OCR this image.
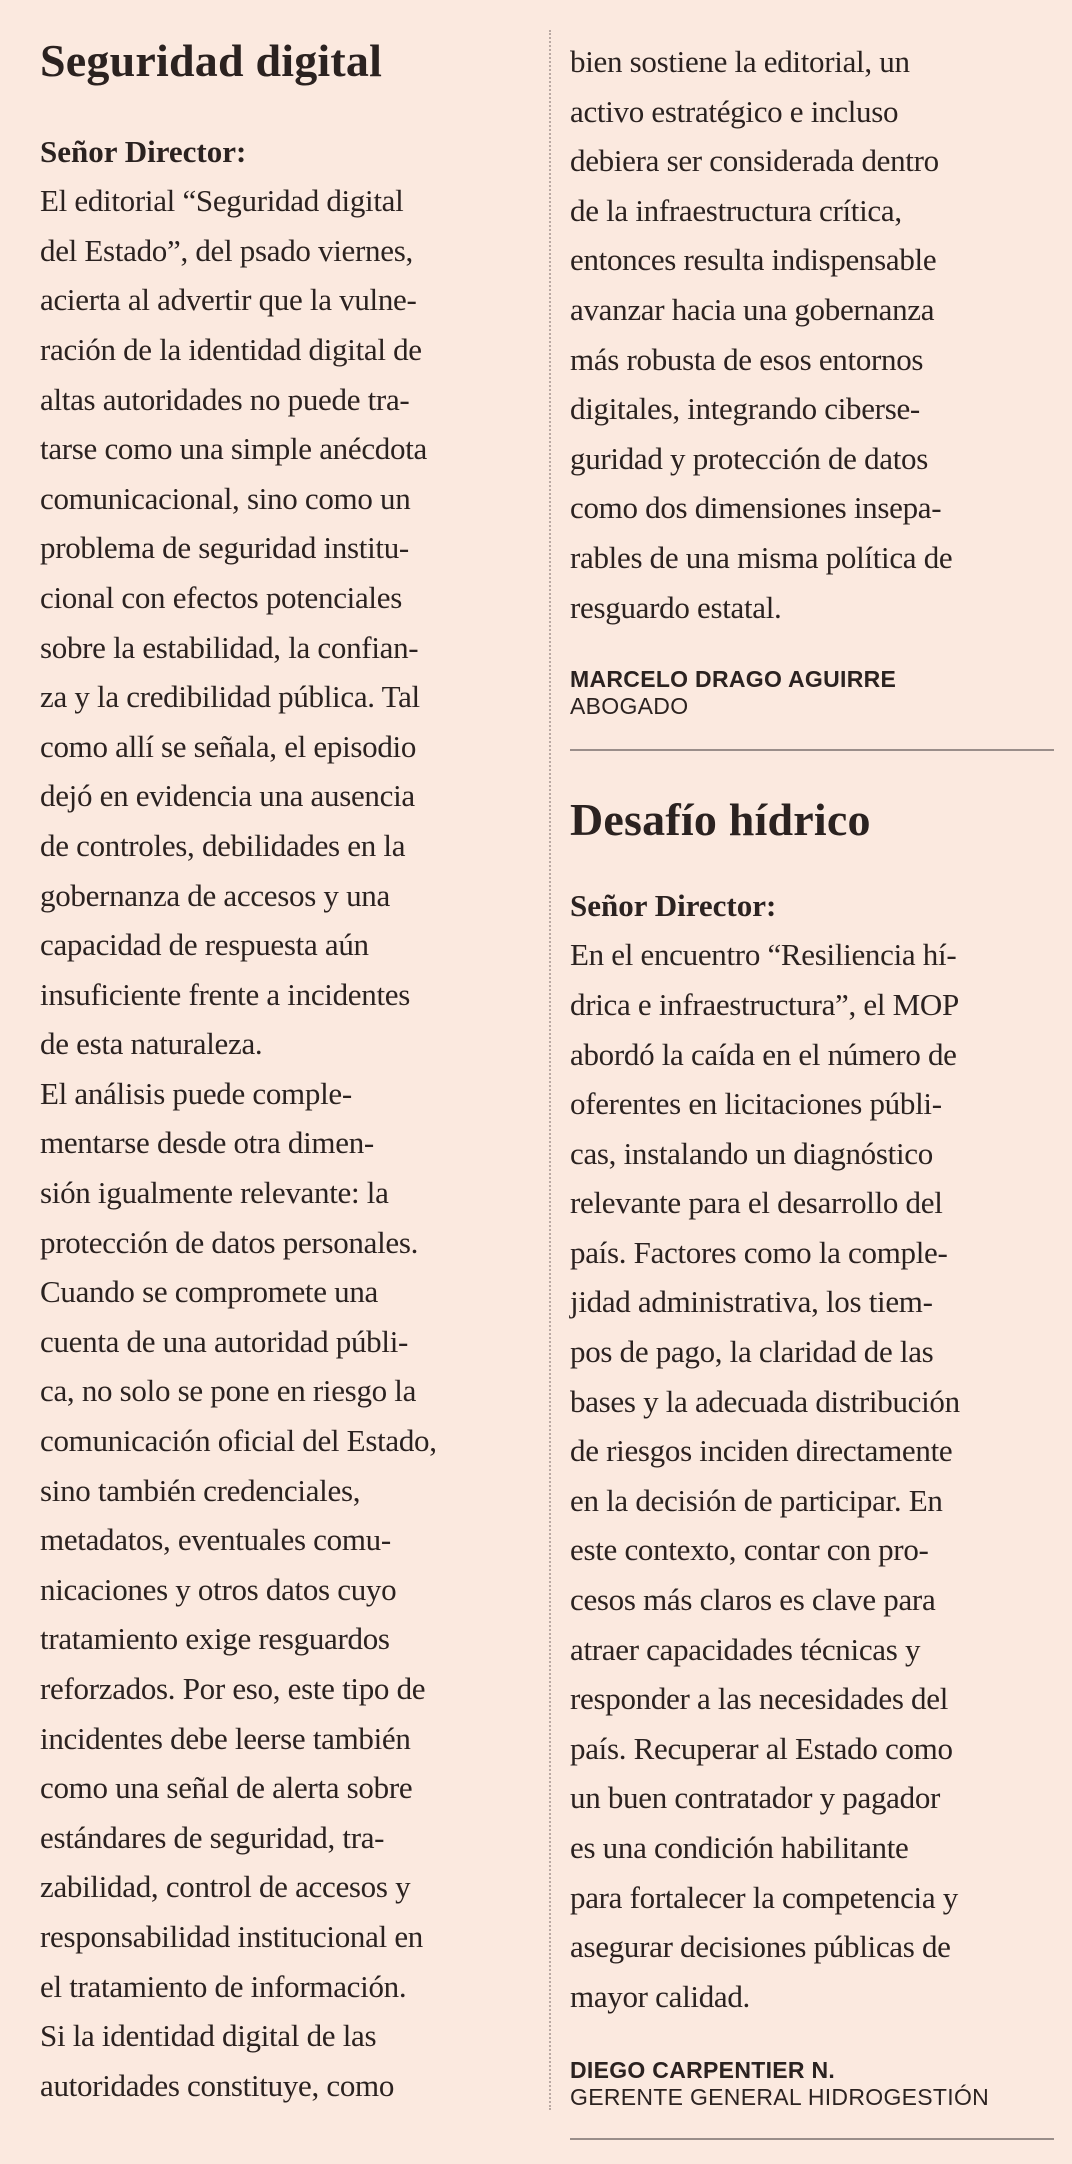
Seguridad digital

Señor Director:

El editorial “Seguridad digital
del Estado”, del psado viernes,
acierta al advertir que la vulne-
ración de la identidad digital de
altas autoridades no puede tra-
tarse como una simple anécdota
comunicacional, sino como un
problema de seguridad institu-
cional con efectos potenciales
sobre la estabilidad, la confian-
za y la credibilidad pública. Tal
como allí se señala, el episodio
dejó en evidencia una ausencia
de controles, debilidades en la
gobernanza de accesos y una
capacidad de respuesta aún
insuficiente frente a incidentes
de esta naturaleza.

El análisis puede comple-
mentarse desde otra dimen-
sión igualmente relevante: la
protección de datos personales.
Cuando se compromete una
cuenta de una autoridad públi-
ca, no solo se pone en riesgo la
comunicación oficial del Estado,
sino también credenciales,
metadatos, eventuales comu-
nicaciones y otros datos cuyo
tratamiento exige resguardos
reforzados. Por eso, este tipo de
incidentes debe leerse también
como una señal de alerta sobre
estándares de seguridad, tra-
zabilidad, control de accesos y
responsabilidad institucional en
el tratamiento de información.

Si la identidad digital de las
autoridades constituye, como

bien sostiene la editorial, un
activo estratégico e incluso
debiera ser considerada dentro
de la infraestructura crítica,
entonces resulta indispensable
avanzar hacia una gobernanza
más robusta de esos entornos
digitales, integrando ciberse-
guridad y protección de datos
como dos dimensiones insepa-
rables de una misma política de
resguardo estatal.

MARCELO DRAGO AGUIRRE

ABOGADO

Desafío hídrico

Señor Director:

En el encuentro “Resiliencia hí-
drica e infraestructura”, el MOP
abordó la caída en el número de
oferentes en licitaciones públi-
cas, instalando un diagnóstico
relevante para el desarrollo del
país. Factores como la comple-
jidad administrativa, los tiem-
pos de pago, la claridad de las
bases y la adecuada distribución
de riesgos inciden directamente
en la decisión de participar. En
este contexto, contar con pro-
cesos más claros es clave para
atraer capacidades técnicas y
responder a las necesidades del
país. Recuperar al Estado como
un buen contratador y pagador
es una condición habilitante
para fortalecer la competencia y
asegurar decisiones públicas de
mayor calidad.

DIEGO CARPENTIER N.

GERENTE GENERAL HIDROGESTIÓN
